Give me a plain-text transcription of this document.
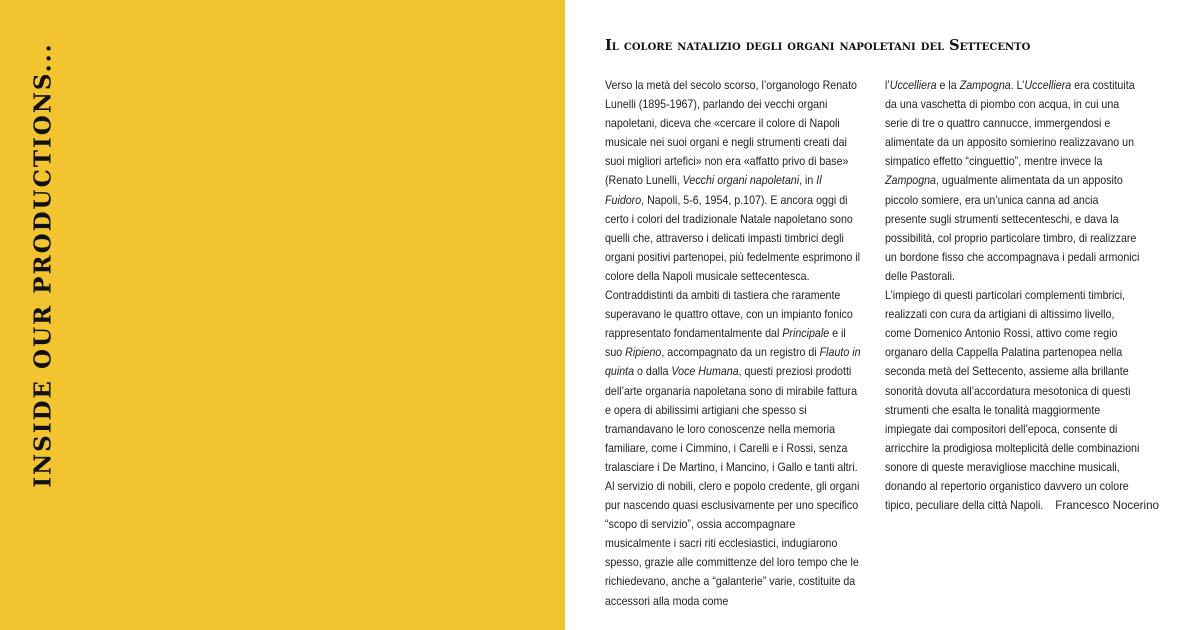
INSIDE OUR PRODUCTIONS...	Il colore natalizio degli organi napoletani del Settecento

Verso la metà del secolo scorso, l’organologo Renato Lunelli (1895-1967), parlando dei vecchi organi napoletani, diceva che «cercare il colore di Napoli musicale nei suoi organi e negli strumenti creati dai suoi migliori artefici» non era «affatto privo di base» (Renato Lunelli, Vecchi organi napoletani, in Il Fuidoro, Napoli, 5-6, 1954, p.107). E ancora oggi di certo i colori del tradizionale Natale napoletano sono quelli che, attraverso i delicati impasti timbrici degli organi positivi partenopei, più fedelmente esprimono il colore della Napoli musicale settecentesca.

Contraddistinti da ambiti di tastiera che raramente superavano le quattro ottave, con un impianto fonico rappresentato fondamentalmente dal Principale e il suo Ripieno, accompagnato da un registro di Flauto in quinta o dalla Voce Humana, questi preziosi prodotti dell’arte organaria napoletana sono di mirabile fattura e opera di abilissimi artigiani che spesso si tramandavano le loro conoscenze nella memoria familiare, come i Cimmino, i Carelli e i Rossi, senza tralasciare i De Martino, i Mancino, i Gallo e tanti altri.

Al servizio di nobili, clero e popolo credente, gli organi pur nascendo quasi esclusivamente per uno specifico “scopo di servizio”, ossia accompagnare musicalmente i sacri riti ecclesiastici, indugiarono spesso, grazie alle committenze del loro tempo che le richiedevano, anche a “galanterie” varie, costituite da accessori alla moda come

l’Uccelliera e la Zampogna. L’Uccelliera era costituita da una vaschetta di piombo con acqua, in cui una serie di tre o quattro cannucce, immergendosi e alimentate da un apposito somierino realizzavano un simpatico effetto “cinguettio”, mentre invece la Zampogna, ugualmente alimentata da un apposito piccolo somiere, era un’unica canna ad ancia presente sugli strumenti settecenteschi, e dava la possibilità, col proprio particolare timbro, di realizzare un bordone fisso che accompagnava i pedali armonici delle Pastorali.

L’impiego di questi particolari complementi timbrici, realizzati con cura da artigiani di altissimo livello, come Domenico Antonio Rossi, attivo come regio organaro della Cappella Palatina partenopea nella seconda metà del Settecento, assieme alla brillante sonorità dovuta all’accordatura mesotonica di questi strumenti che esalta le tonalità maggiormente impiegate dai compositori dell’epoca, consente di arricchire la prodigiosa molteplicità delle combinazioni sonore di queste meravigliose macchine musicali, donando al repertorio organistico davvero un colore tipico, peculiare della città Napoli.	Francesco Nocerino
